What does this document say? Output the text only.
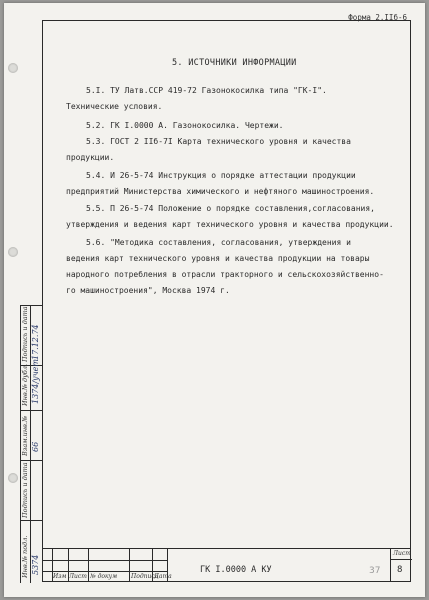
Форма 2.IIб-6
5. ИСТОЧНИКИ ИНФОРМАЦИИ
5.I. ТУ Латв.ССР 419-72 Газонокосилка типа "ГК-I".
Технические условия.
5.2. ГК I.0000 А. Газонокосилка. Чертежи.
5.3. ГОСТ 2 IIб-7I Карта технического уровня и качества
продукции.
5.4. И 26-5-74 Инструкция о порядке аттестации продукции
предприятий Министерства химического и нефтяного машиностроения.
5.5. П 26-5-74 Положение о порядке составления,согласования,
утверждения и ведения карт технического уровня и качества продукции.
5.6. "Методика составления, согласования, утверждения и
ведения карт технического уровня и качества продукции на товары
народного потребления в отрасли тракторного и сельскохозяйственно-
го машиностроения", Москва 1974 г.
Инв.№ подл.
Подпись и дата
Взам.инв.№
Инв.№ дубл.
Подпись и дата
5374
66
1374/учет
17.12.74
Изм Лист № докум Подпись
Дата
ГК I.0000 А КУ
Лист
8
37
